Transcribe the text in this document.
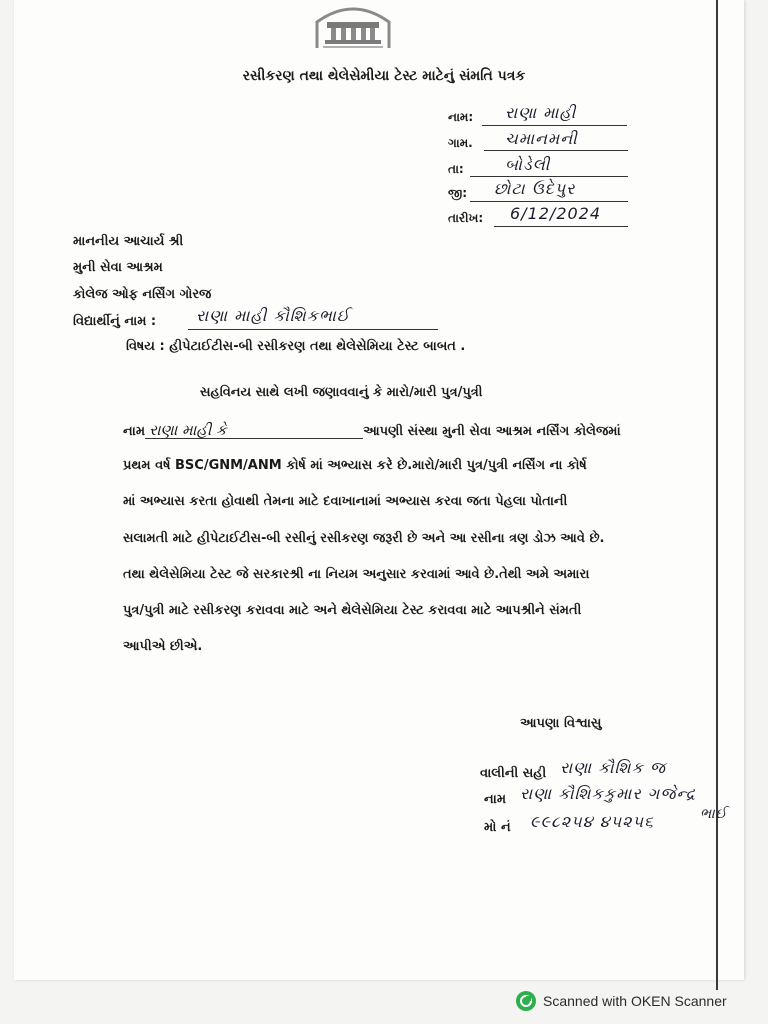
રસીકરણ તથા થેલેસેમીયા ટેસ્ટ માટેનું સંમતિ પત્રક
નામ: રાણા માહી
ગામ. ચમાનમની
તા:	બોડેલી
જી: છોટા ઉદેપુર
તારીખ: 6/12/2024
માનનીય આચાર્ય શ્રી
મુની સેવા આશ્રમ
કોલેજ ઓફ નર્સિંગ ગોરજ
વિદ્યાર્થીનું નામ : રાણા માહી કૌશિકભાઈ
વિષય : હીપેટાઈટીસ-બી રસીકરણ તથા થેલેસેમિયા ટેસ્ટ બાબત .
સહવિનય સાથે લખી જણાવવાનું કે મારો/મારી પુત્ર/પુત્રી
નામ રાણા માહી કે	આપણી સંસ્થા મુની સેવા આશ્રમ નર્સિંગ કોલેજમાં
પ્રથમ વર્ષ BSC/GNM/ANM કોર્ષ માં અભ્યાસ કરે છે.મારો/મારી પુત્ર/પુત્રી નર્સિંગ ના કોર્ષ
માં અભ્યાસ કરતા હોવાથી તેમના માટે દવાખાનામાં અભ્યાસ કરવા જતા પેહલા પોતાની
સલામતી માટે હીપેટાઈટીસ-બી રસીનું રસીકરણ જરૂરી છે અને આ રસીના ત્રણ ડોઝ આવે છે.
તથા થેલેસેમિયા ટેસ્ટ જે સરકારશ્રી ના નિયમ અનુસાર કરવામાં આવે છે.તેથી અમે અમારા
પુત્ર/પુત્રી માટે રસીકરણ કરાવવા માટે અને થેલેસેમિયા ટેસ્ટ કરાવવા માટે આપશ્રીને સંમતી
આપીએ છીએ.
આપણા વિશ્વાસુ
વાલીની સહી રાણા કૌશિક જ
નામ રાણા કૌશિકકુમાર ગજેન્દ્ર
ભાઈ
મો નં ૯૯૮૨૫૪ ૪૫૨૫૬
Scanned with OKEN Scanner
